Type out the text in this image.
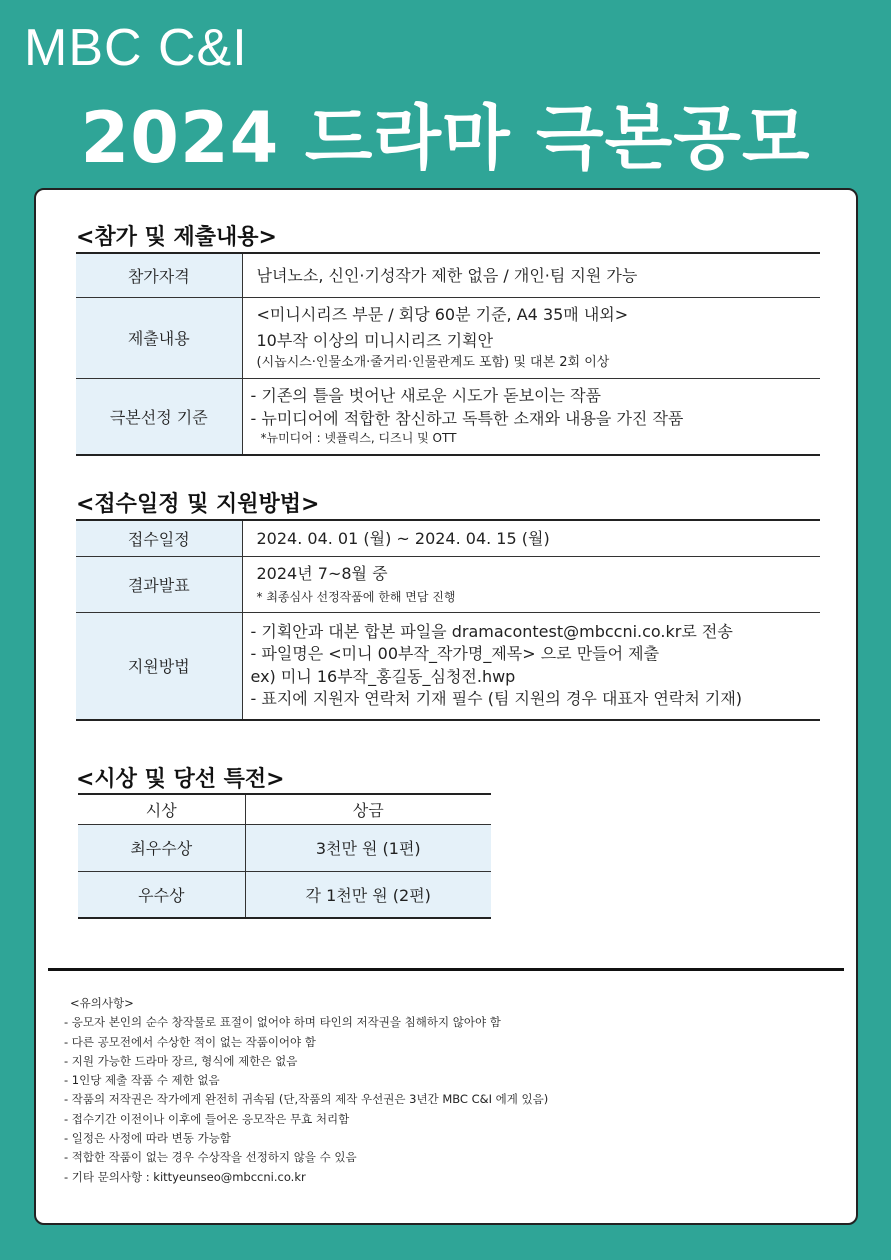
MBC C&I
2024 드라마 극본공모
<참가 및 제출내용>
참가자격	남녀노소, 신인·기성작가 제한 없음 / 개인·팀 지원 가능

제출내용	<미니시리즈 부문 / 회당 60분 기준, A4 35매 내외>
10부작 이상의 미니시리즈 기획안
(시놉시스·인물소개·줄거리·인물관계도 포함) 및 대본 2회 이상

극본선정 기준	- 기존의 틀을 벗어난 새로운 시도가 돋보이는 작품
- 뉴미디어에 적합한 참신하고 독특한 소재와 내용을 가진 작품
*뉴미디어 : 넷플릭스, 디즈니 및 OTT
<접수일정 및 지원방법>
접수일정	2024. 04. 01 (월) ~ 2024. 04. 15 (월)

결과발표	2024년 7~8월 중
* 최종심사 선정작품에 한해 면담 진행

지원방법	- 기획안과 대본 합본 파일을 dramacontest@mbccni.co.kr로 전송
- 파일명은 <미니 00부작_작가명_제목> 으로 만들어 제출
ex) 미니 16부작_홍길동_심청전.hwp
- 표지에 지원자 연락처 기재 필수 (팀 지원의 경우 대표자 연락처 기재)
<시상 및 당선 특전>
시상	상금
최우수상	3천만 원 (1편)
우수상	각 1천만 원 (2편)
<유의사항>
- 응모자 본인의 순수 창작물로 표절이 없어야 하며 타인의 저작권을 침해하지 않아야 함
- 다른 공모전에서 수상한 적이 없는 작품이어야 함
- 지원 가능한 드라마 장르, 형식에 제한은 없음
- 1인당 제출 작품 수 제한 없음
- 작품의 저작권은 작가에게 완전히 귀속됨 (단,작품의 제작 우선권은 3년간 MBC C&I 에게 있음)
- 접수기간 이전이나 이후에 들어온 응모작은 무효 처리함
- 일정은 사정에 따라 변동 가능함
- 적합한 작품이 없는 경우 수상작을 선정하지 않을 수 있음
- 기타 문의사항 : kittyeunseo@mbccni.co.kr
